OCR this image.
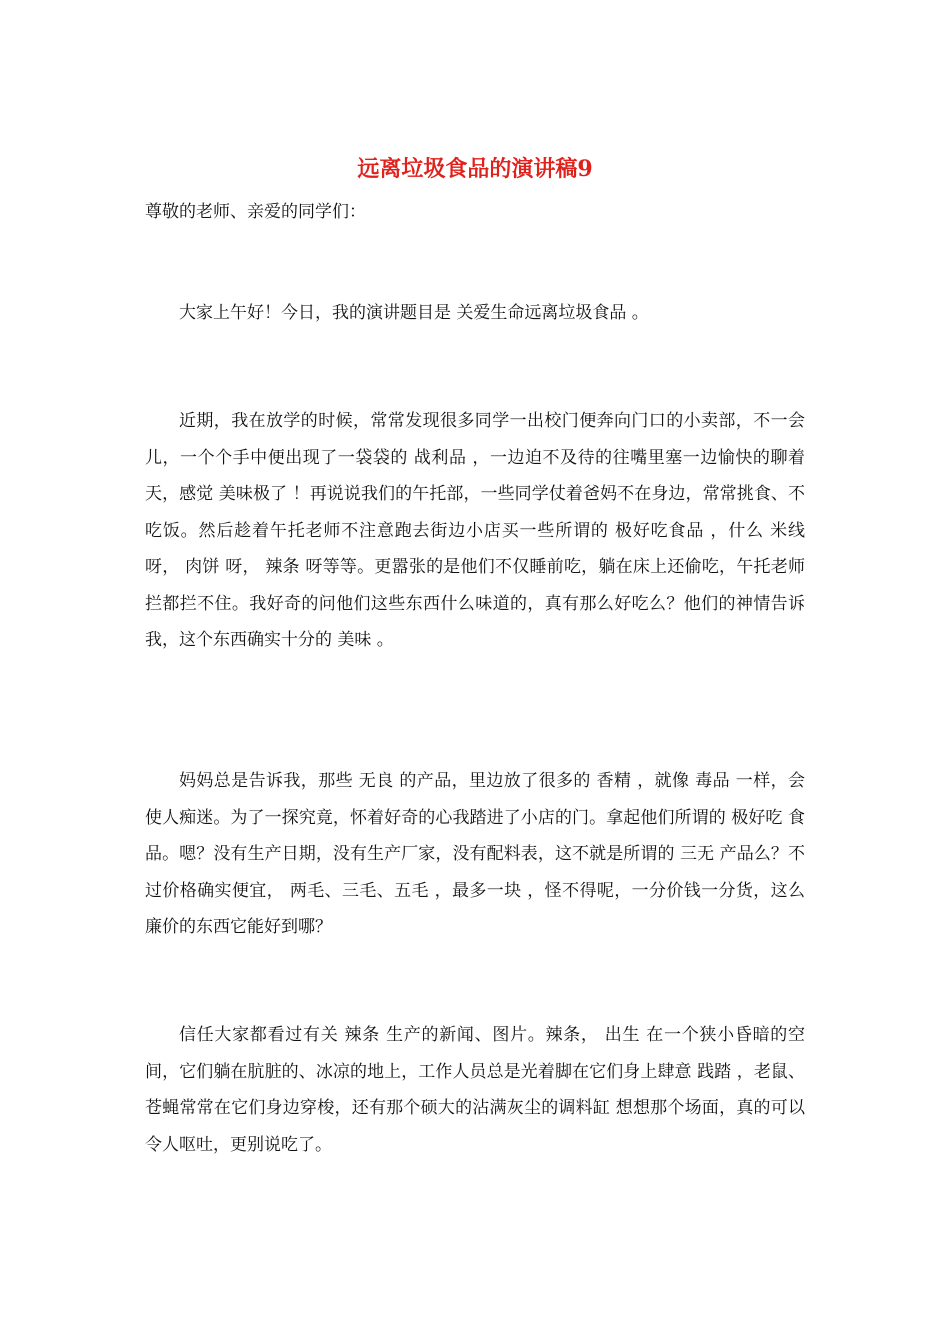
远离垃圾食品的演讲稿9

尊敬的老师、亲爱的同学们：

大家上午好！今日，我的演讲题目是 关爱生命远离垃圾食品 。

近期，我在放学的时候，常常发现很多同学一出校门便奔向门口的小卖部，不一会儿，一个个手中便出现了一袋袋的 战利品 ，一边迫不及待的往嘴里塞一边愉快的聊着天，感觉 美味极了 ！再说说我们的午托部，一些同学仗着爸妈不在身边，常常挑食、不吃饭。然后趁着午托老师不注意跑去街边小店买一些所谓的 极好吃食品 ，什么 米线 呀， 肉饼 呀， 辣条 呀等等。更嚣张的是他们不仅睡前吃，躺在床上还偷吃，午托老师拦都拦不住。我好奇的问他们这些东西什么味道的，真有那么好吃么？他们的神情告诉我，这个东西确实十分的 美味 。

妈妈总是告诉我，那些 无良 的产品，里边放了很多的 香精 ，就像 毒品 一样，会使人痴迷。为了一探究竟，怀着好奇的心我踏进了小店的门。拿起他们所谓的 极好吃 食品。嗯？没有生产日期，没有生产厂家，没有配料表，这不就是所谓的 三无 产品么？不过价格确实便宜， 两毛、三毛、五毛 ，最多一块 ，怪不得呢，一分价钱一分货，这么廉价的东西它能好到哪？

信任大家都看过有关 辣条 生产的新闻、图片。辣条， 出生 在一个狭小昏暗的空间，它们躺在肮脏的、冰凉的地上，工作人员总是光着脚在它们身上肆意 践踏 ，老鼠、苍蝇常常在它们身边穿梭，还有那个硕大的沾满灰尘的调料缸 想想那个场面，真的可以令人呕吐，更别说吃了。
